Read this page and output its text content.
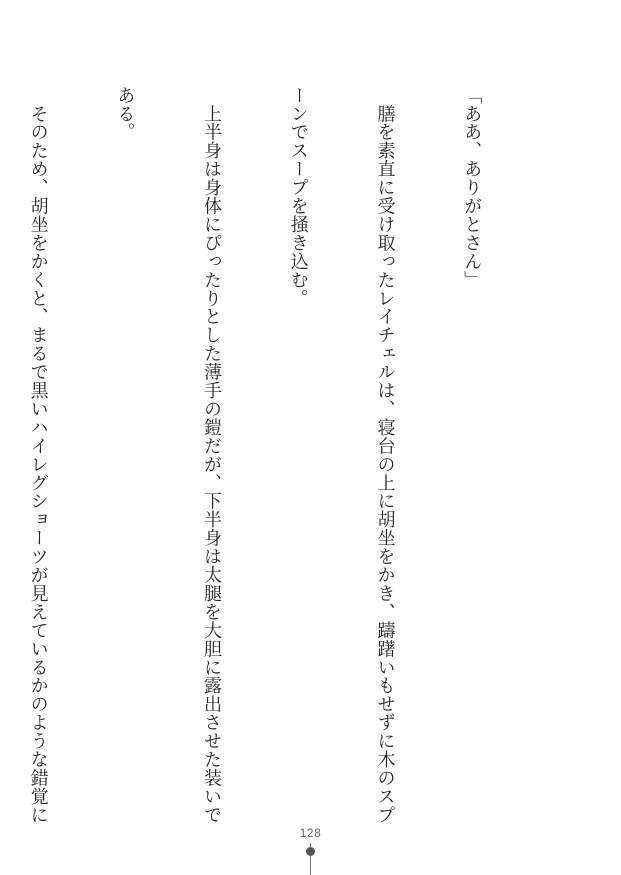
「ああ、ありがとさん」

　膳を素直に受け取ったレイチェルは、寝台の上に胡坐をかき、躊躇いもせずに木のスプ

ーンでスープを掻き込む。

　上半身は身体にぴったりとした薄手の鎧だが、下半身は太腿を大胆に露出させた装いで

ある。

　そのため、胡坐をかくと、まるで黒いハイレグショーツが見えているかのような錯覚に

128
